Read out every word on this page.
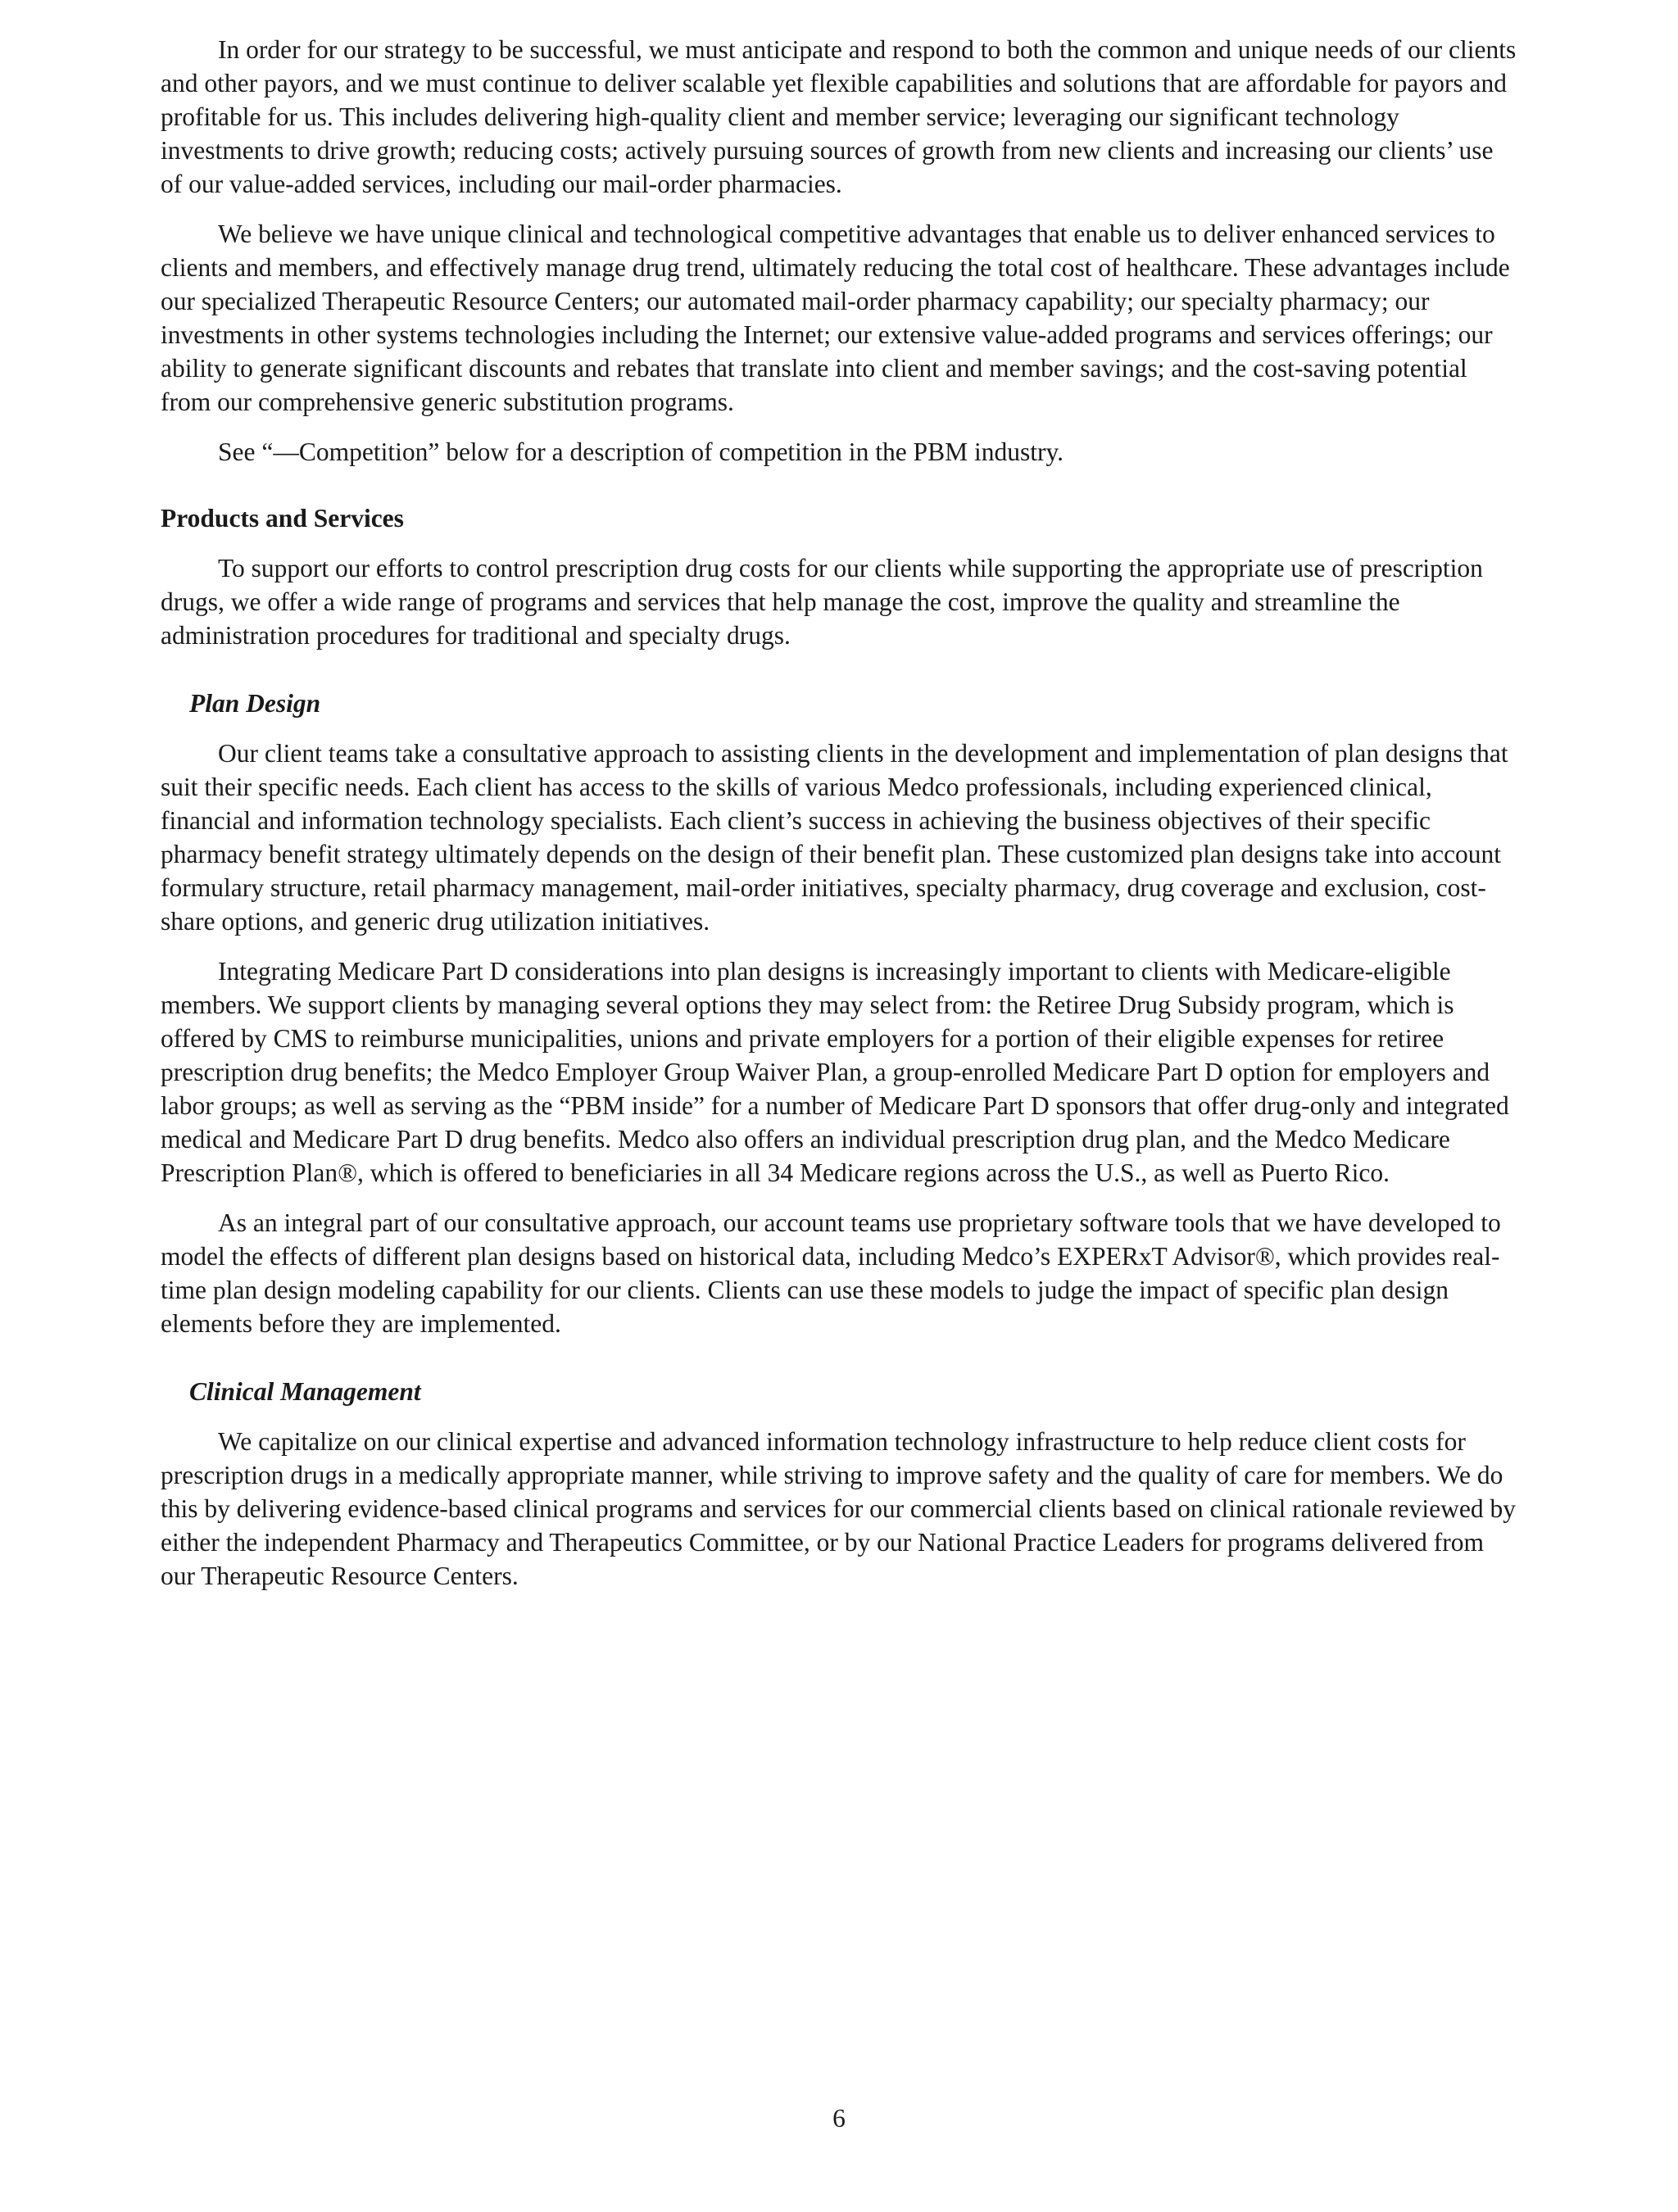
In order for our strategy to be successful, we must anticipate and respond to both the common and unique needs of our clients and other payors, and we must continue to deliver scalable yet flexible capabilities and solutions that are affordable for payors and profitable for us. This includes delivering high-quality client and member service; leveraging our significant technology investments to drive growth; reducing costs; actively pursuing sources of growth from new clients and increasing our clients’ use of our value-added services, including our mail-order pharmacies.

We believe we have unique clinical and technological competitive advantages that enable us to deliver enhanced services to clients and members, and effectively manage drug trend, ultimately reducing the total cost of healthcare. These advantages include our specialized Therapeutic Resource Centers; our automated mail-order pharmacy capability; our specialty pharmacy; our investments in other systems technologies including the Internet; our extensive value-added programs and services offerings; our ability to generate significant discounts and rebates that translate into client and member savings; and the cost-saving potential from our comprehensive generic substitution programs.

See “—Competition” below for a description of competition in the PBM industry.

Products and Services

To support our efforts to control prescription drug costs for our clients while supporting the appropriate use of prescription drugs, we offer a wide range of programs and services that help manage the cost, improve the quality and streamline the administration procedures for traditional and specialty drugs.

Plan Design

Our client teams take a consultative approach to assisting clients in the development and implementation of plan designs that suit their specific needs. Each client has access to the skills of various Medco professionals, including experienced clinical, financial and information technology specialists. Each client’s success in achieving the business objectives of their specific pharmacy benefit strategy ultimately depends on the design of their benefit plan. These customized plan designs take into account formulary structure, retail pharmacy management, mail-order initiatives, specialty pharmacy, drug coverage and exclusion, cost-share options, and generic drug utilization initiatives.

Integrating Medicare Part D considerations into plan designs is increasingly important to clients with Medicare-eligible members. We support clients by managing several options they may select from: the Retiree Drug Subsidy program, which is offered by CMS to reimburse municipalities, unions and private employers for a portion of their eligible expenses for retiree prescription drug benefits; the Medco Employer Group Waiver Plan, a group-enrolled Medicare Part D option for employers and labor groups; as well as serving as the “PBM inside” for a number of Medicare Part D sponsors that offer drug-only and integrated medical and Medicare Part D drug benefits. Medco also offers an individual prescription drug plan, and the Medco Medicare Prescription Plan®, which is offered to beneficiaries in all 34 Medicare regions across the U.S., as well as Puerto Rico.

As an integral part of our consultative approach, our account teams use proprietary software tools that we have developed to model the effects of different plan designs based on historical data, including Medco’s EXPERxT Advisor®, which provides real-time plan design modeling capability for our clients. Clients can use these models to judge the impact of specific plan design elements before they are implemented.

Clinical Management

We capitalize on our clinical expertise and advanced information technology infrastructure to help reduce client costs for prescription drugs in a medically appropriate manner, while striving to improve safety and the quality of care for members. We do this by delivering evidence-based clinical programs and services for our commercial clients based on clinical rationale reviewed by either the independent Pharmacy and Therapeutics Committee, or by our National Practice Leaders for programs delivered from our Therapeutic Resource Centers.

6
